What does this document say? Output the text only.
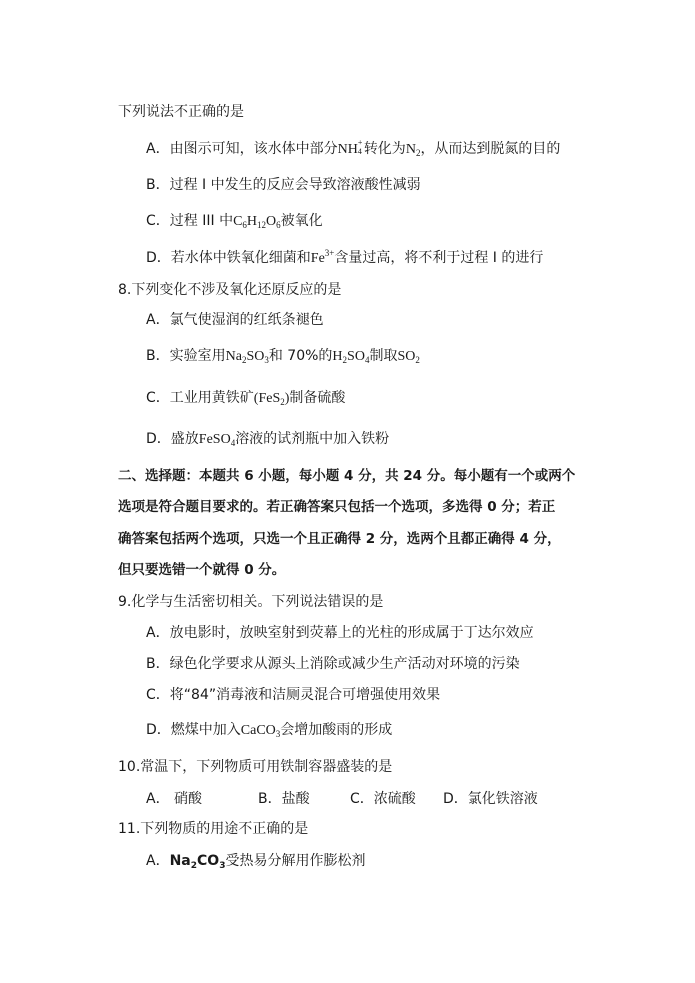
下列说法不正确的是
A．由图示可知，该水体中部分NH +
4 转化为$N_2$，从而达到脱氮的目的
B．过程 I 中发生的反应会导致溶液酸性减弱
C．过程 III 中$C_6H_{12}O_6$被氧化
D．若水体中铁氧化细菌和$Fe^{3+}$含量过高，将不利于过程 I 的进行
8.下列变化不涉及氧化还原反应的是
A．氯气使湿润的红纸条褪色
B．实验室用$Na_2SO_3$和 70%的$H_2SO_4$制取$SO_2$
C．工业用黄铁矿(FeS$_2$)制备硫酸
D．盛放FeSO$_4$溶液的试剂瓶中加入铁粉
二、选择题：本题共 6 小题，每小题 4 分，共 24 分。每小题有一个或两个
选项是符合题目要求的。若正确答案只包括一个选项，多选得 0 分；若正
确答案包括两个选项，只选一个且正确得 2 分，选两个且都正确得 4 分，
但只要选错一个就得 0 分。
9.化学与生活密切相关。下列说法错误的是
A．放电影时，放映室射到荧幕上的光柱的形成属于丁达尔效应
B．绿色化学要求从源头上消除或减少生产活动对环境的污染
C．将“84”消毒液和洁厕灵混合可增强使用效果
D．燃煤中加入CaCO$_3$会增加酸雨的形成
10.常温下，下列物质可用铁制容器盛装的是
A． 硝酸	B．盐酸	C．浓硫酸 D．氯化铁溶液
11.下列物质的用途不正确的是
A．$Na_2CO_3$受热易分解用作膨松剂
